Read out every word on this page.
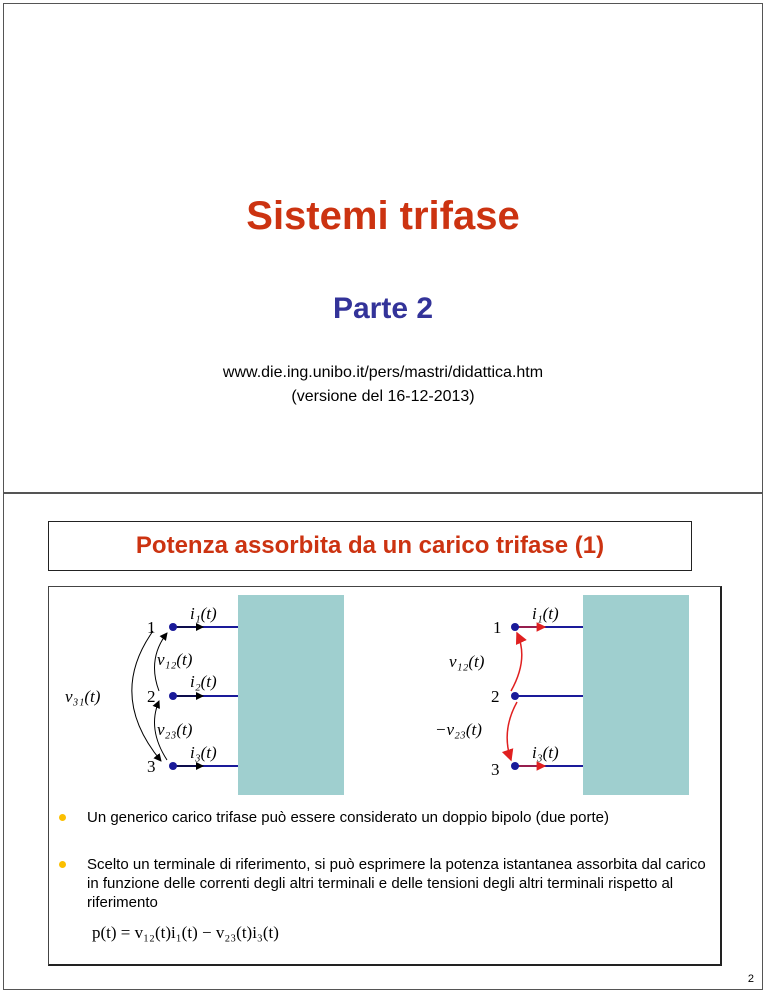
Sistemi trifase
Parte 2
www.die.ing.unibo.it/pers/mastri/didattica.htm
(versione del 16-12-2013)
Potenza assorbita da un carico trifase (1)
1
2
3
i₁(t)
i₂(t)
i₃(t)
v₁₂(t)
v₂₃(t)
v₃₁(t)
1
2
3
i₁(t)
i₃(t)
v₁₂(t)
−v₂₃(t)
Un generico carico trifase può essere considerato un doppio bipolo (due porte)
Scelto un terminale di riferimento, si può esprimere la potenza istantanea assorbita dal carico in funzione delle correnti degli altri terminali e delle tensioni degli altri terminali rispetto al riferimento
p(t) = v₁₂(t)i₁(t) − v₂₃(t)i₃(t)
2
